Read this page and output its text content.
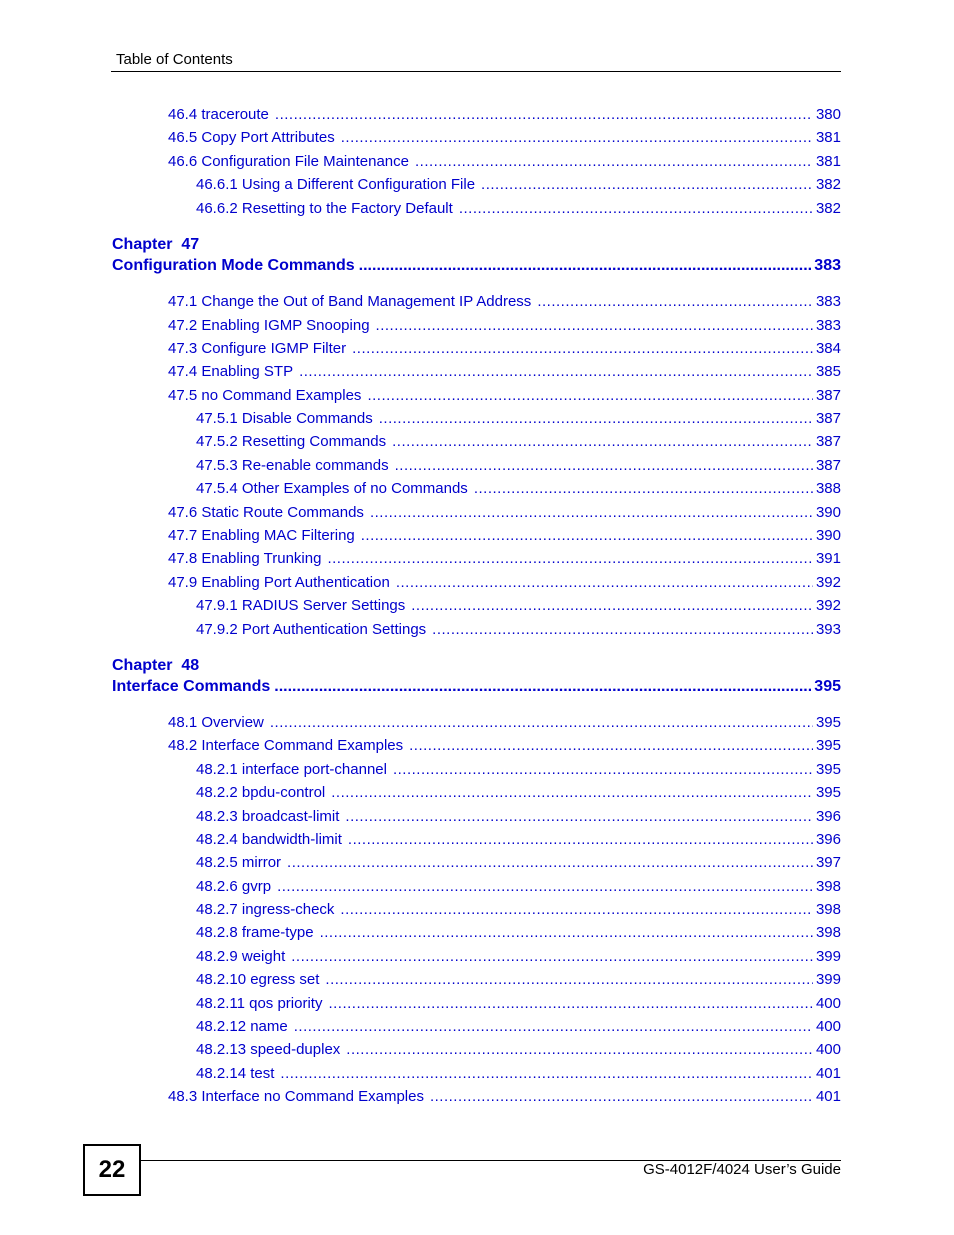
Table of Contents
46.4 traceroute .....	380
46.5 Copy Port Attributes .....	381
46.6 Configuration File Maintenance .....	381
46.6.1 Using a Different Configuration File .....	382
46.6.2 Resetting to the Factory Default .....	382
Chapter  47
Configuration Mode Commands .....	383
47.1 Change the Out of Band Management IP Address .....	383
47.2 Enabling IGMP Snooping .....	383
47.3 Configure IGMP Filter .....	384
47.4 Enabling STP .....	385
47.5 no Command Examples .....	387
47.5.1 Disable Commands .....	387
47.5.2 Resetting Commands .....	387
47.5.3 Re-enable commands .....	387
47.5.4 Other Examples of no Commands .....	388
47.6 Static Route Commands .....	390
47.7 Enabling MAC Filtering .....	390
47.8 Enabling Trunking .....	391
47.9 Enabling Port Authentication .....	392
47.9.1 RADIUS Server Settings .....	392
47.9.2 Port Authentication Settings .....	393
Chapter  48
Interface Commands .....	395
48.1 Overview .....	395
48.2 Interface Command Examples .....	395
48.2.1 interface port-channel .....	395
48.2.2 bpdu-control .....	395
48.2.3 broadcast-limit .....	396
48.2.4 bandwidth-limit .....	396
48.2.5 mirror .....	397
48.2.6 gvrp .....	398
48.2.7 ingress-check .....	398
48.2.8 frame-type .....	398
48.2.9 weight .....	399
48.2.10 egress set .....	399
48.2.11 qos priority .....	400
48.2.12 name .....	400
48.2.13 speed-duplex .....	400
48.2.14 test .....	401
48.3 Interface no Command Examples .....	401
22	GS-4012F/4024 User’s Guide
